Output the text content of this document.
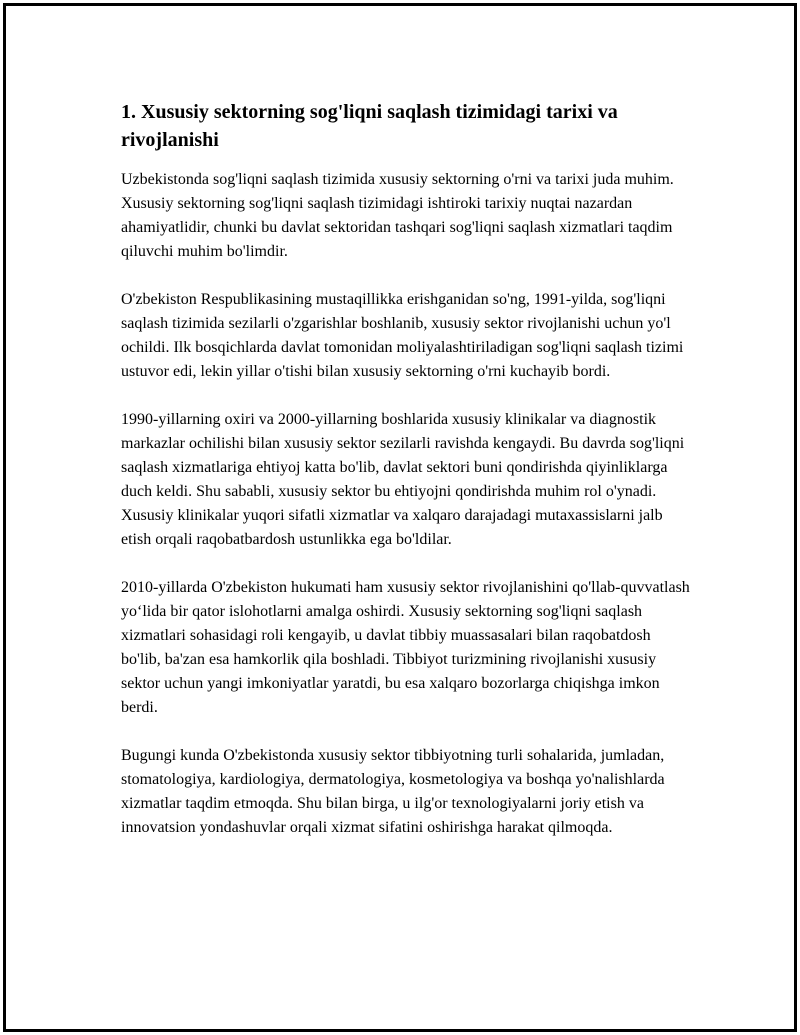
1. Xususiy sektorning sog'liqni saqlash tizimidagi tarixi va rivojlanishi

Uzbekistonda sog'liqni saqlash tizimida xususiy sektorning o'rni va tarixi juda muhim. Xususiy sektorning sog'liqni saqlash tizimidagi ishtiroki tarixiy nuqtai nazardan ahamiyatlidir, chunki bu davlat sektoridan tashqari sog'liqni saqlash xizmatlari taqdim qiluvchi muhim bo'limdir.

O'zbekiston Respublikasining mustaqillikka erishganidan so'ng, 1991-yilda, sog'liqni saqlash tizimida sezilarli o'zgarishlar boshlanib, xususiy sektor rivojlanishi uchun yo'l ochildi. Ilk bosqichlarda davlat tomonidan moliyalashtiriladigan sog'liqni saqlash tizimi ustuvor edi, lekin yillar o'tishi bilan xususiy sektorning o'rni kuchayib bordi.

1990-yillarning oxiri va 2000-yillarning boshlarida xususiy klinikalar va diagnostik markazlar ochilishi bilan xususiy sektor sezilarli ravishda kengaydi. Bu davrda sog'liqni saqlash xizmatlariga ehtiyoj katta bo'lib, davlat sektori buni qondirishda qiyinliklarga duch keldi. Shu sababli, xususiy sektor bu ehtiyojni qondirishda muhim rol o'ynadi. Xususiy klinikalar yuqori sifatli xizmatlar va xalqaro darajadagi mutaxassislarni jalb etish orqali raqobatbardosh ustunlikka ega bo'ldilar.

2010-yillarda O'zbekiston hukumati ham xususiy sektor rivojlanishini qo'llab-quvvatlash yo‘lida bir qator islohotlarni amalga oshirdi. Xususiy sektorning sog'liqni saqlash xizmatlari sohasidagi roli kengayib, u davlat tibbiy muassasalari bilan raqobatdosh bo'lib, ba'zan esa hamkorlik qila boshladi. Tibbiyot turizmining rivojlanishi xususiy sektor uchun yangi imkoniyatlar yaratdi, bu esa xalqaro bozorlarga chiqishga imkon berdi.

Bugungi kunda O'zbekistonda xususiy sektor tibbiyotning turli sohalarida, jumladan, stomatologiya, kardiologiya, dermatologiya, kosmetologiya va boshqa yo'nalishlarda xizmatlar taqdim etmoqda. Shu bilan birga, u ilg'or texnologiyalarni joriy etish va innovatsion yondashuvlar orqali xizmat sifatini oshirishga harakat qilmoqda.
